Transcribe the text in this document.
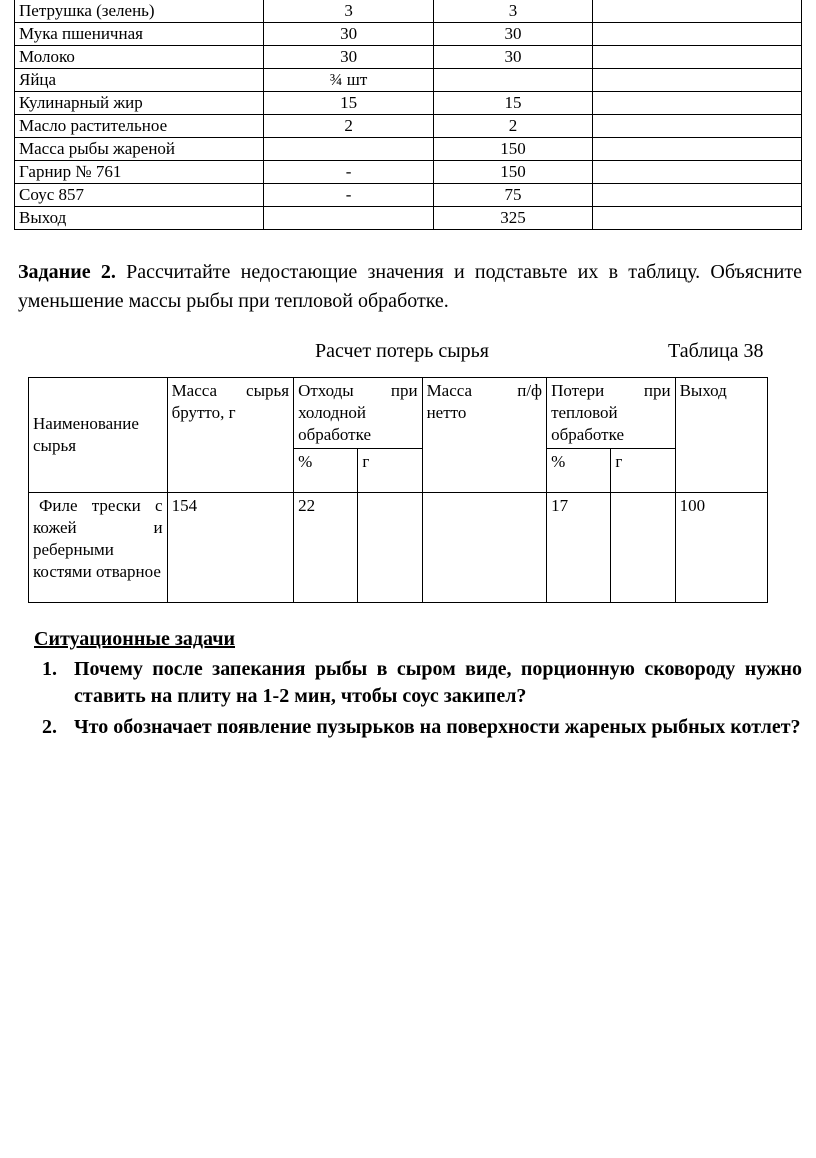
Петрушка (зелень)	3	3	
Мука пшеничная	30	30	
Молоко	30	30	
Яйца	¾ шт		
Кулинарный жир	15	15	
Масло растительное	2	2	
Масса рыбы жареной		150	
Гарнир № 761	-	150	
Соус 857	-	75	
Выход		325	

Задание 2. Рассчитайте недостающие значения и подставьте их в таблицу. Объясните уменьшение массы рыбы при тепловой обработке.

Расчет потерь сырья	Таблица 38
Наименование сырья	Масса сырья брутто, г	Отходы при холодной обработке		Масса п/ф нетто	Потери при тепловой обработке		Выход
		%	г		%	г	
Филе трески с кожей и реберными костями отварное	154	22			17		100
Ситуационные задачи
1. Почему после запекания рыбы в сыром виде, порционную сковороду нужно ставить на плиту на 1-2 мин, чтобы соус закипел?
2. Что обозначает появление пузырьков на поверхности жареных рыбных котлет?
